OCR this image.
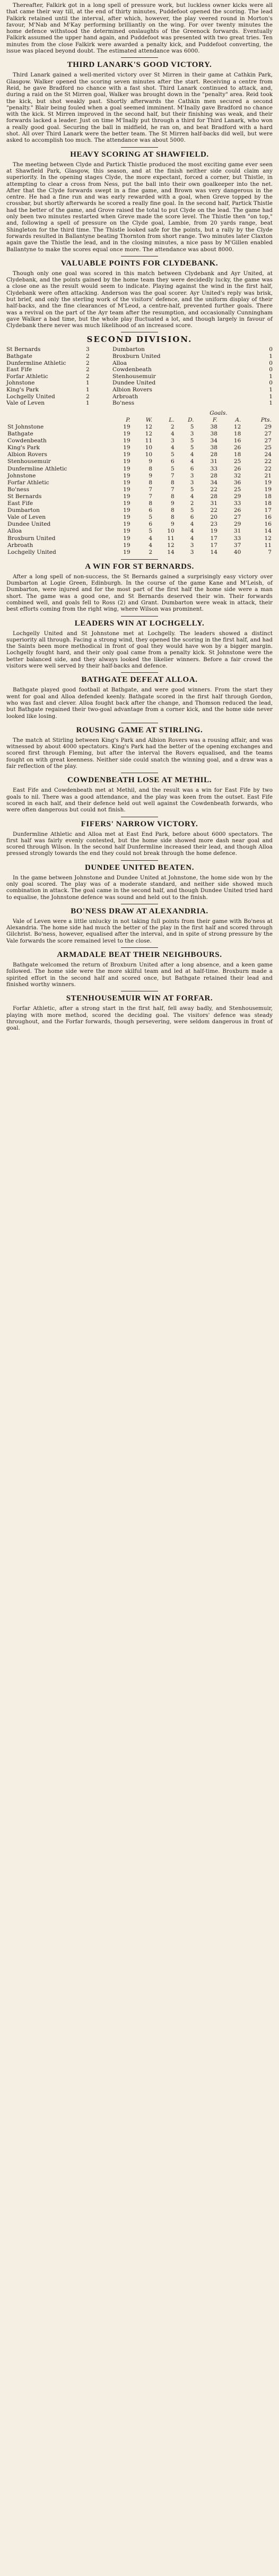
Thereafter, Falkirk got in a long spell of pressure work, but luckless owner kicks were all that came their way till, at the end of thirty minutes, Puddefoot opened the scoring. The lead Falkirk retained until the interval, after which, however, the play veered round in Morton's favour, M'Nab and M'Kay performing brilliantly on the wing. For over twenty minutes the home defence withstood the determined onslaughts of the Greenock forwards. Eventually Falkirk assumed the upper hand again, and Puddefoot was presented with two great tries. Ten minutes from the close Falkirk were awarded a penalty kick, and Puddefoot converting, the issue was placed beyond doubt. The estimated attendance was 6000.

THIRD LANARK'S GOOD VICTORY.

Third Lanark gained a well-merited victory over St Mirren in their game at Cathkin Park, Glasgow. Walker opened the scoring seven minutes after the start. Receiving a centre from Reid, he gave Bradford no chance with a fast shot. Third Lanark continued to attack, and, during a raid on the St Mirren goal, Walker was brought down in the "penalty" area. Reid took the kick, but shot weakly past. Shortly afterwards the Cathkin men secured a second "penalty." Blair being fouled when a goal seemed imminent. M'Inally gave Bradford no chance with the kick. St Mirren improved in the second half, but their finishing was weak, and their forwards lacked a leader. Just on time M'Inally put through a third for Third Lanark, who won a really good goal. Securing the ball in midfield, he ran on, and beat Bradford with a hard shot. All over Third Lanark were the better team. The St Mirren half-backs did well, but were asked to accomplish too much. The attendance was about 5000.

HEAVY SCORING AT SHAWFIELD.

The meeting between Clyde and Partick Thistle produced the most exciting game ever seen at Shawfield Park, Glasgow, this season, and at the finish neither side could claim any superiority. In the opening stages Clyde, the more expectant, forced a corner, but Thistle, in attempting to clear a cross from Ness, put the ball into their own goalkeeper into the net. After that the Clyde forwards swept in a fine game, and Brown was very dangerous in the centre. He had a fine run and was early rewarded with a goal, when Greve topped by the crossbar, but shortly afterwards he scored a really fine goal. In the second half, Partick Thistle had the better of the game, and Grove raised the total to put Clyde on the lead. The game had only been two minutes restarted when Greve made the score level. The Thistle then "on top," and, following a spell of pressure on the Clyde goal, Lambie, from 20 yards range, beat Shingleton for the third time. The Thistle looked safe for the points, but a rally by the Clyde forwards resulted in Ballantyne beating Thornton from short range. Two minutes later Claxton again gave the Thistle the lead, and in the closing minutes, a nice pass by M'Gillen enabled Ballantyne to make the scores equal once more. The attendance was about 8000.

VALUABLE POINTS FOR CLYDEBANK.

Though only one goal was scored in this match between Clydebank and Ayr United, at Clydebank, and the points gained by the home team they were decidedly lucky, the game was a close one as the result would seem to indicate. Playing against the wind in the first half, Clydebank were often attacking. Anderson was the goal scorer. Ayr United's reply was brisk, but brief, and only the sterling work of the visitors' defence, and the uniform display of their half-backs, and the fine clearances of M'Leod, a centre-half, prevented further goals. There was a revival on the part of the Ayr team after the resumption, and occasionally Cunningham gave Walker a bad time, but the whole play fluctuated a lot, and though largely in favour of Clydebank there never was much likelihood of an increased score.

SECOND DIVISION.
St Bernards	3	Dumbarton	0
Bathgate	2	Broxburn United	1
Dunfermline Athletic	2	Alloa	0
East Fife	2	Cowdenbeath	0
Forfar Athletic	2	Stenhousemuir	1
Johnstone	1	Dundee United	0
King's Park	1	Albion Rovers	1
Lochgelly United	2	Arbroath	1
Vale of Leven	1	Bo'ness	1
					Goals.		
	P.	W.	L.	D.	F.	A.	Pts.
St Johnstone	19	12	2	5	38	12	29
Bathgate	19	12	4	3	38	18	27
Cowdenbeath	19	11	3	5	34	16	27
King's Park	19	10	4	5	38	26	25
Albion Rovers	19	10	5	4	28	18	24
Stenhousemuir	19	9	6	4	31	25	22
Dunfermline Athletic	19	8	5	6	33	26	22
Johnstone	19	9	7	3	28	32	21
Forfar Athletic	19	8	8	3	34	36	19
Bo'ness	19	7	7	5	22	25	19
St Bernards	19	7	8	4	28	29	18
East Fife	19	8	9	2	31	33	18
Dumbarton	19	6	8	5	22	26	17
Vale of Leven	19	5	8	6	20	27	16
Dundee United	19	6	9	4	23	29	16
Alloa	19	5	10	4	19	31	14
Broxburn United	19	4	11	4	17	33	12
Arbroath	19	4	12	3	17	37	11
Lochgelly United	19	2	14	3	14	40	7
A WIN FOR ST BERNARDS.

After a long spell of non-success, the St Bernards gained a surprisingly easy victory over Dumbarton at Logie Green, Edinburgh. In the course of the game Kane and M'Leish, of Dumbarton, were injured and for the most part of the first half the home side were a man short. The game was a good one, and St Bernards deserved their win. Their forwards combined well, and goals fell to Ross (2) and Grant. Dumbarton were weak in attack, their best efforts coming from the right wing, where Wilson was prominent.

LEADERS WIN AT LOCHGELLY.

Lochgelly United and St Johnstone met at Lochgelly. The leaders showed a distinct superiority all through. Facing a strong wind, they opened the scoring in the first half, and had the Saints been more methodical in front of goal they would have won by a bigger margin. Lochgelly fought hard, and their only goal came from a penalty kick. St Johnstone were the better balanced side, and they always looked the likelier winners. Before a fair crowd the visitors were well served by their half-backs and defence.

BATHGATE DEFEAT ALLOA.

Bathgate played good football at Bathgate, and were good winners. From the start they went for goal and Alloa defended keenly. Bathgate scored in the first half through Gordon, who was fast and clever. Alloa fought back after the change, and Thomson reduced the lead, but Bathgate regained their two-goal advantage from a corner kick, and the home side never looked like losing.

ROUSING GAME AT STIRLING.

The match at Stirling between King's Park and Albion Rovers was a rousing affair, and was witnessed by about 4000 spectators. King's Park had the better of the opening exchanges and scored first through Fleming, but after the interval the Rovers equalised, and the teams fought on with great keenness. Neither side could snatch the winning goal, and a draw was a fair reflection of the play.

COWDENBEATH LOSE AT METHIL.

East Fife and Cowdenbeath met at Methil, and the result was a win for East Fife by two goals to nil. There was a good attendance, and the play was keen from the outset. East Fife scored in each half, and their defence held out well against the Cowdenbeath forwards, who were often dangerous but could not finish.

FIFERS' NARROW VICTORY.

Dunfermline Athletic and Alloa met at East End Park, before about 6000 spectators. The first half was fairly evenly contested, but the home side showed more dash near goal and scored through Wilson. In the second half Dunfermline increased their lead, and though Alloa pressed strongly towards the end they could not break through the home defence.

DUNDEE UNITED BEATEN.

In the game between Johnstone and Dundee United at Johnstone, the home side won by the only goal scored. The play was of a moderate standard, and neither side showed much combination in attack. The goal came in the second half, and though Dundee United tried hard to equalise, the Johnstone defence was sound and held out to the finish.

BO'NESS DRAW AT ALEXANDRIA.

Vale of Leven were a little unlucky in not taking full points from their game with Bo'ness at Alexandria. The home side had much the better of the play in the first half and scored through Gilchrist. Bo'ness, however, equalised after the interval, and in spite of strong pressure by the Vale forwards the score remained level to the close.

ARMADALE BEAT THEIR NEIGHBOURS.

Bathgate welcomed the return of Broxburn United after a long absence, and a keen game followed. The home side were the more skilful team and led at half-time. Broxburn made a spirited effort in the second half and scored once, but Bathgate retained their lead and finished worthy winners.

STENHOUSEMUIR WIN AT FORFAR.

Forfar Athletic, after a strong start in the first half, fell away badly, and Stenhousemuir, playing with more method, scored the deciding goal. The visitors' defence was steady throughout, and the Forfar forwards, though persevering, were seldom dangerous in front of goal.
